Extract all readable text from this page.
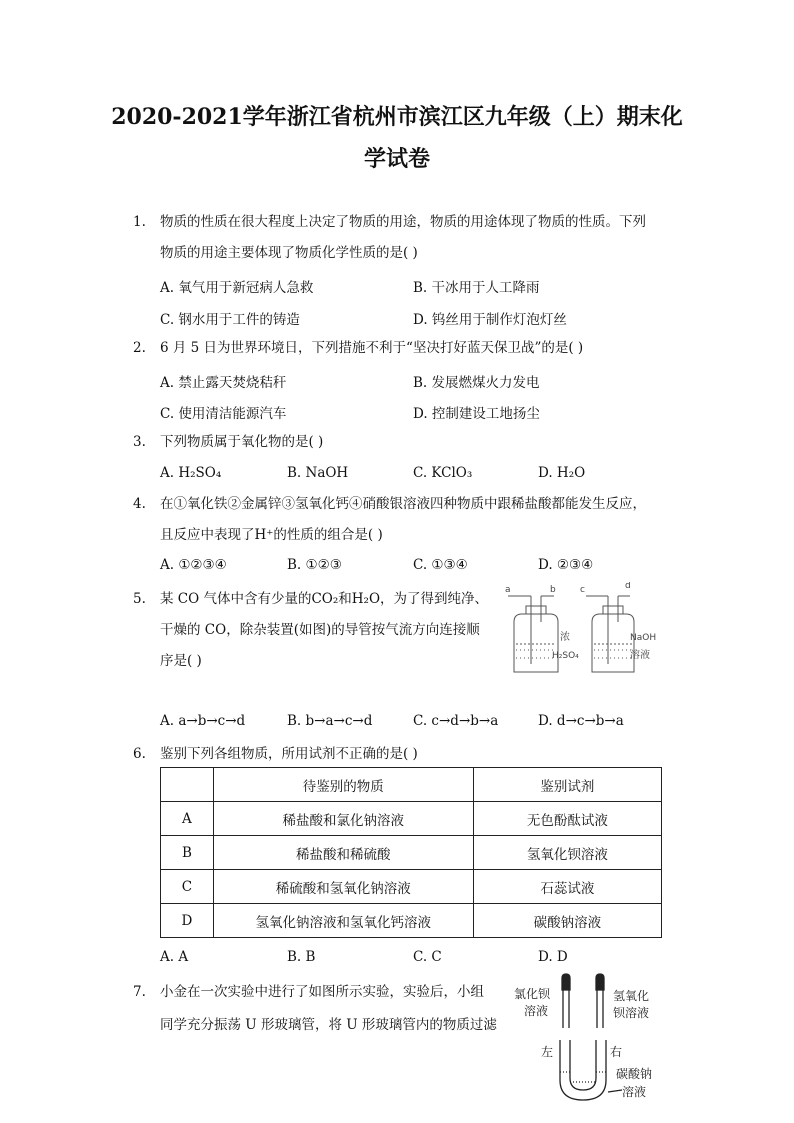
2020-2021学年浙江省杭州市滨江区九年级（上）期末化
学试卷
1. 物质的性质在很大程度上决定了物质的用途，物质的用途体现了物质的性质。下列
物质的用途主要体现了物质化学性质的是( )
A. 氧气用于新冠病人急救	B. 干冰用于人工降雨
C. 钢水用于工件的铸造	D. 钨丝用于制作灯泡灯丝
2. 6 月 5 日为世界环境日，下列措施不利于“坚决打好蓝天保卫战”的是( )
A. 禁止露天焚烧秸秆	B. 发展燃煤火力发电
C. 使用清洁能源汽车	D. 控制建设工地扬尘
3. 下列物质属于氧化物的是( )
A. H₂SO₄	B. NaOH	C. KClO₃	D. H₂O
4. 在①氧化铁②金属锌③氢氧化钙④硝酸银溶液四种物质中跟稀盐酸都能发生反应，
且反应中表现了H⁺的性质的组合是( )
A. ①②③④	B. ①②③	C. ①③④	D. ②③④
5. 某 CO 气体中含有少量的CO₂和H₂O，为了得到纯净、
干燥的 CO，除杂装置(如图)的导管按气流方向连接顺
序是( )
a	b	c	d
浓
H₂SO₄
NaOH
溶液
A. a→b→c→d	B. b→a→c→d	C. c→d→b→a	D. d→c→b→a
6. 鉴别下列各组物质，所用试剂不正确的是( )
	待鉴别的物质	鉴别试剂
A	稀盐酸和氯化钠溶液	无色酚酞试液
B	稀盐酸和稀硫酸	氢氧化钡溶液
C	稀硫酸和氢氧化钠溶液	石蕊试液
D	氢氧化钠溶液和氢氧化钙溶液	碳酸钠溶液
A. A	B. B	C. C	D. D
7. 小金在一次实验中进行了如图所示实验，实验后，小组
同学充分振荡 U 形玻璃管，将 U 形玻璃管内的物质过滤
氯化钡
溶液
氢氧化
钡溶液
左	右
碳酸钠
溶液
